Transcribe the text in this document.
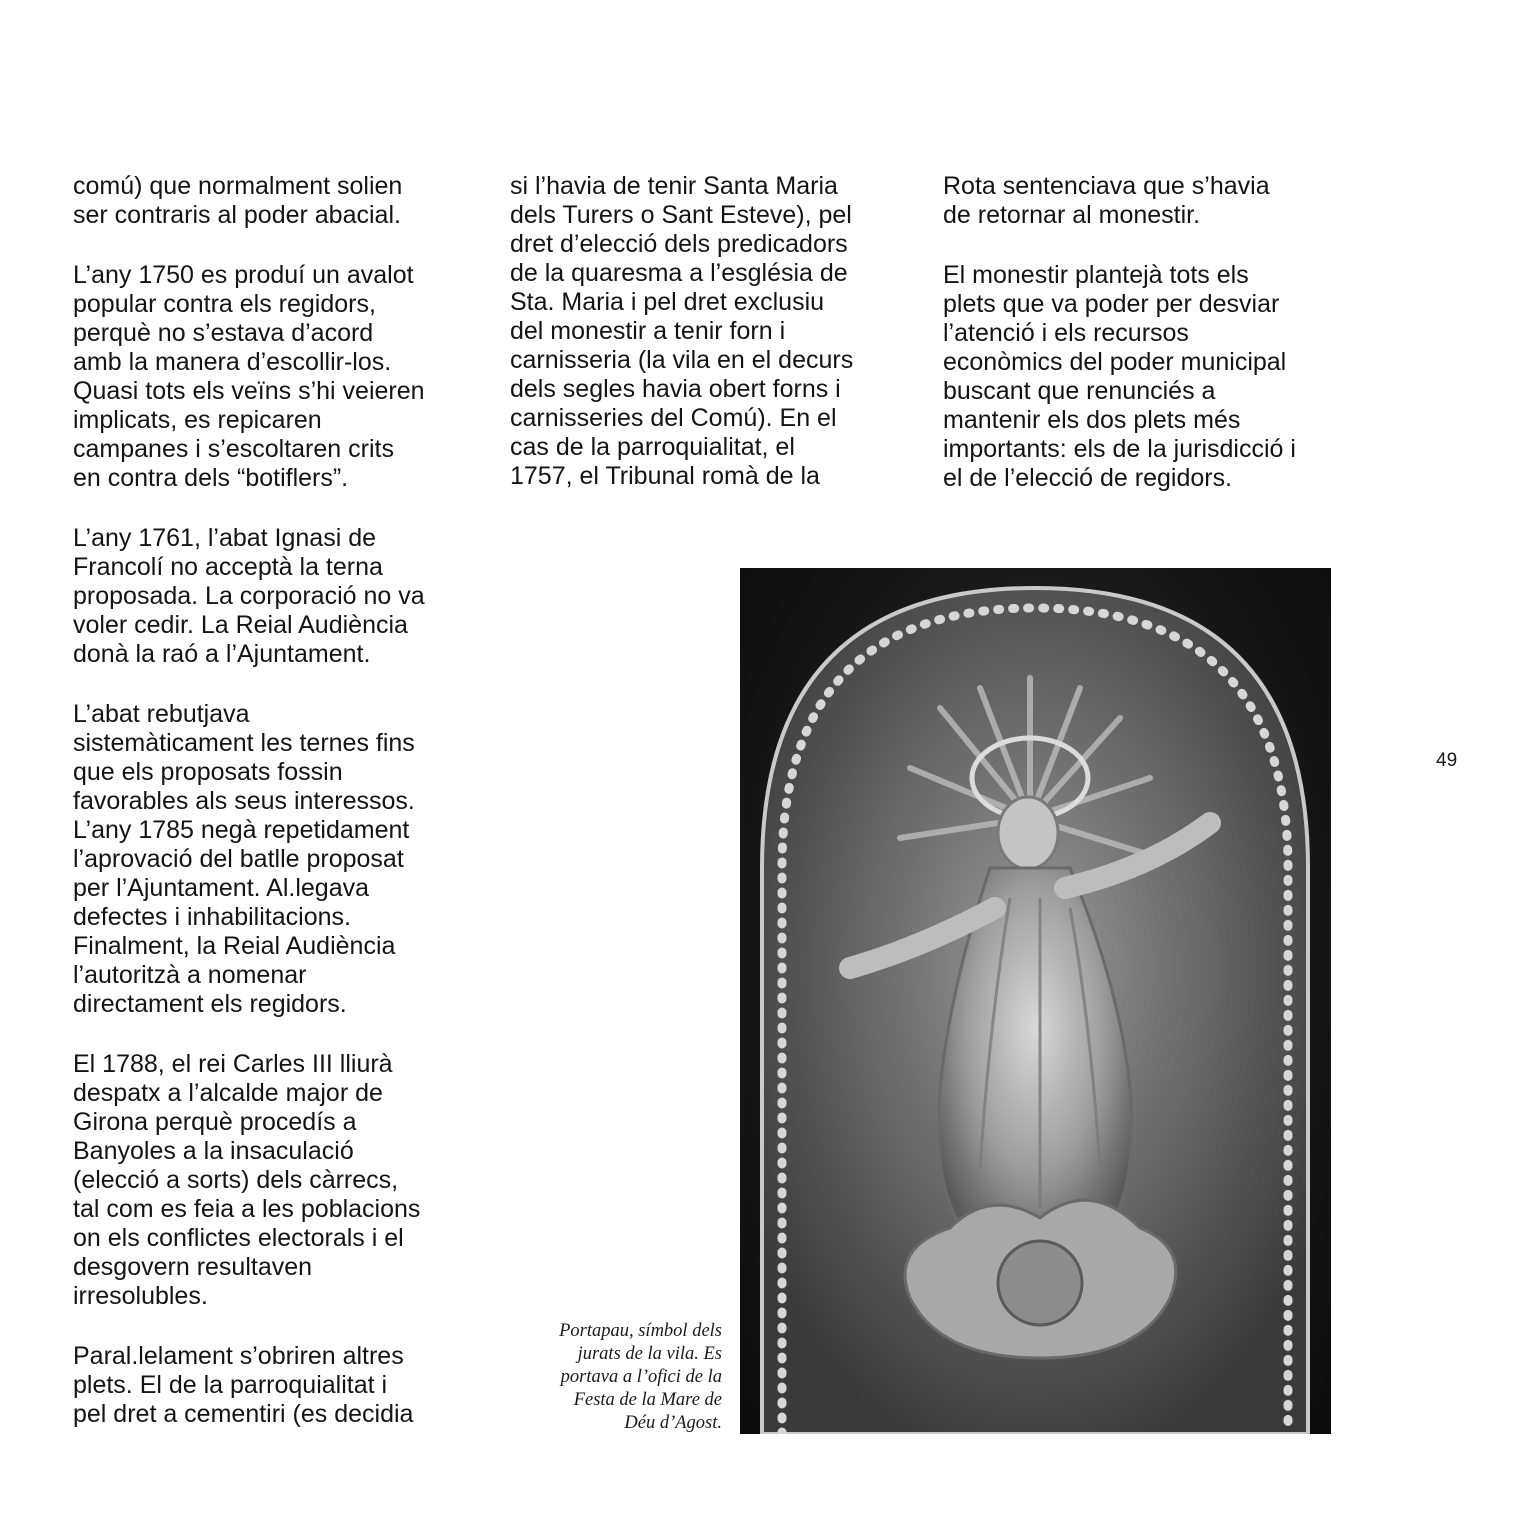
comú) que normalment solien
ser contraris al poder abacial.

L’any 1750 es produí un avalot
popular contra els regidors,
perquè no s’estava d’acord
amb la manera d’escollir-los.
Quasi tots els veïns s’hi veieren
implicats, es repicaren
campanes i s’escoltaren crits
en contra dels “botiflers”.

L’any 1761, l’abat Ignasi de
Francolí no acceptà la terna
proposada. La corporació no va
voler cedir. La Reial Audiència
donà la raó a l’Ajuntament.

L’abat rebutjava
sistemàticament les ternes fins
que els proposats fossin
favorables als seus interessos.
L’any 1785 negà repetidament
l’aprovació del batlle proposat
per l’Ajuntament. Al.legava
defectes i inhabilitacions.
Finalment, la Reial Audiència
l’autoritzà a nomenar
directament els regidors.

El 1788, el rei Carles III lliurà
despatx a l’alcalde major de
Girona perquè procedís a
Banyoles a la insaculació
(elecció a sorts) dels càrrecs,
tal com es feia a les poblacions
on els conflictes electorals i el
desgovern resultaven
irresolubles.

Paral.lelament s’obriren altres
plets. El de la parroquialitat i
pel dret a cementiri (es decidia

si l’havia de tenir Santa Maria
dels Turers o Sant Esteve), pel
dret d’elecció dels predicadors
de la quaresma a l’església de
Sta. Maria i pel dret exclusiu
del monestir a tenir forn i
carnisseria (la vila en el decurs
dels segles havia obert forns i
carnisseries del Comú). En el
cas de la parroquialitat, el
1757, el Tribunal romà de la

Rota sentenciava que s’havia
de retornar al monestir.

El monestir plantejà tots els
plets que va poder per desviar
l’atenció i els recursos
econòmics del poder municipal
buscant que renunciés a
mantenir els dos plets més
importants: els de la jurisdicció i
el de l’elecció de regidors.

Portapau, símbol dels
jurats de la vila. Es
portava a l’ofici de la
Festa de la Mare de
Déu d’Agost.

49
